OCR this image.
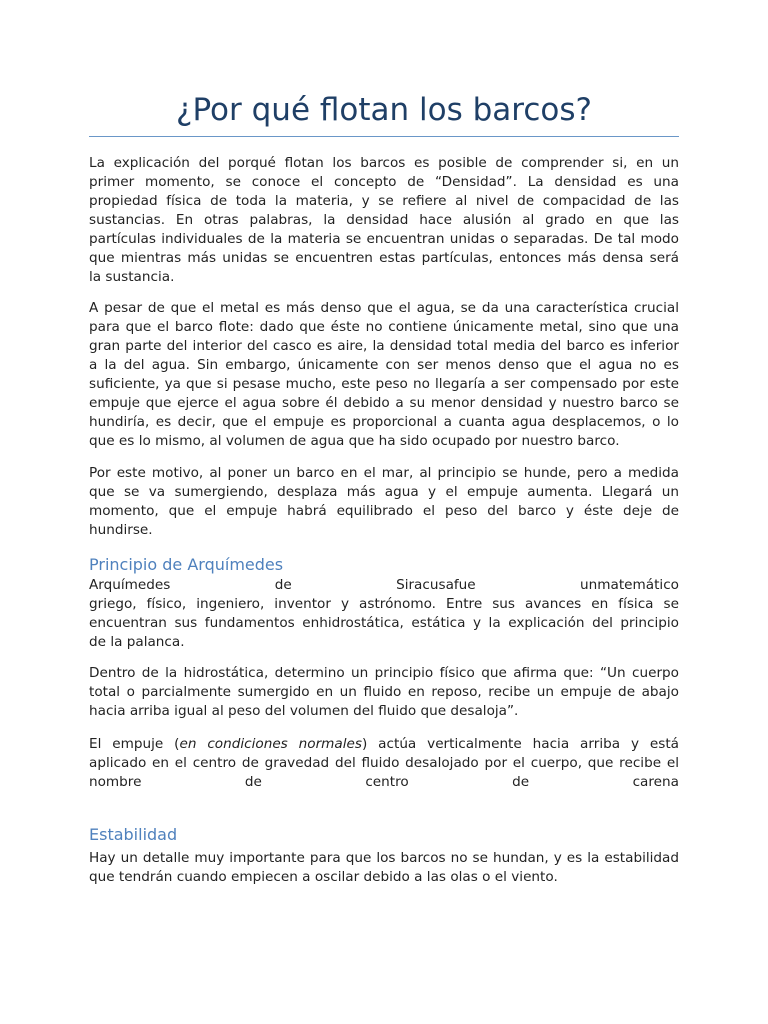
¿Por qué flotan los barcos?

La explicación del porqué flotan los barcos es posible de comprender si, en un
primer momento, se conoce el concepto de “Densidad”. La densidad es una
propiedad física de toda la materia, y se refiere al nivel de compacidad de las
sustancias. En otras palabras, la densidad hace alusión al grado en que las
partículas individuales de la materia se encuentran unidas o separadas. De tal modo
que mientras más unidas se encuentren estas partículas, entonces más densa será
la sustancia.

A pesar de que el metal es más denso que el agua, se da una característica crucial
para que el barco flote: dado que éste no contiene únicamente metal, sino que una
gran parte del interior del casco es aire, la densidad total media del barco es inferior
a la del agua. Sin embargo, únicamente con ser menos denso que el agua no es
suficiente, ya que si pesase mucho, este peso no llegaría a ser compensado por este
empuje que ejerce el agua sobre él debido a su menor densidad y nuestro barco se
hundiría, es decir, que el empuje es proporcional a cuanta agua desplacemos, o lo
que es lo mismo, al volumen de agua que ha sido ocupado por nuestro barco.

Por este motivo, al poner un barco en el mar, al principio se hunde, pero a medida
que se va sumergiendo, desplaza más agua y el empuje aumenta. Llegará un
momento, que el empuje habrá equilibrado el peso del barco y éste deje de
hundirse.

Principio de Arquímedes

Arquímedes de Siracusafue unmatemático
griego, físico, ingeniero, inventor y astrónomo. Entre sus avances en física se
encuentran sus fundamentos enhidrostática, estática y la explicación del principio
de la palanca.

Dentro de la hidrostática, determino un principio físico que afirma que: “Un cuerpo
total o parcialmente sumergido en un fluido en reposo, recibe un empuje de abajo
hacia arriba igual al peso del volumen del fluido que desaloja”.

El empuje (en condiciones normales) actúa verticalmente hacia arriba y está
aplicado en el centro de gravedad del fluido desalojado por el cuerpo, que recibe el
nombre de centro de carena

Estabilidad

Hay un detalle muy importante para que los barcos no se hundan, y es la estabilidad
que tendrán cuando empiecen a oscilar debido a las olas o el viento.
